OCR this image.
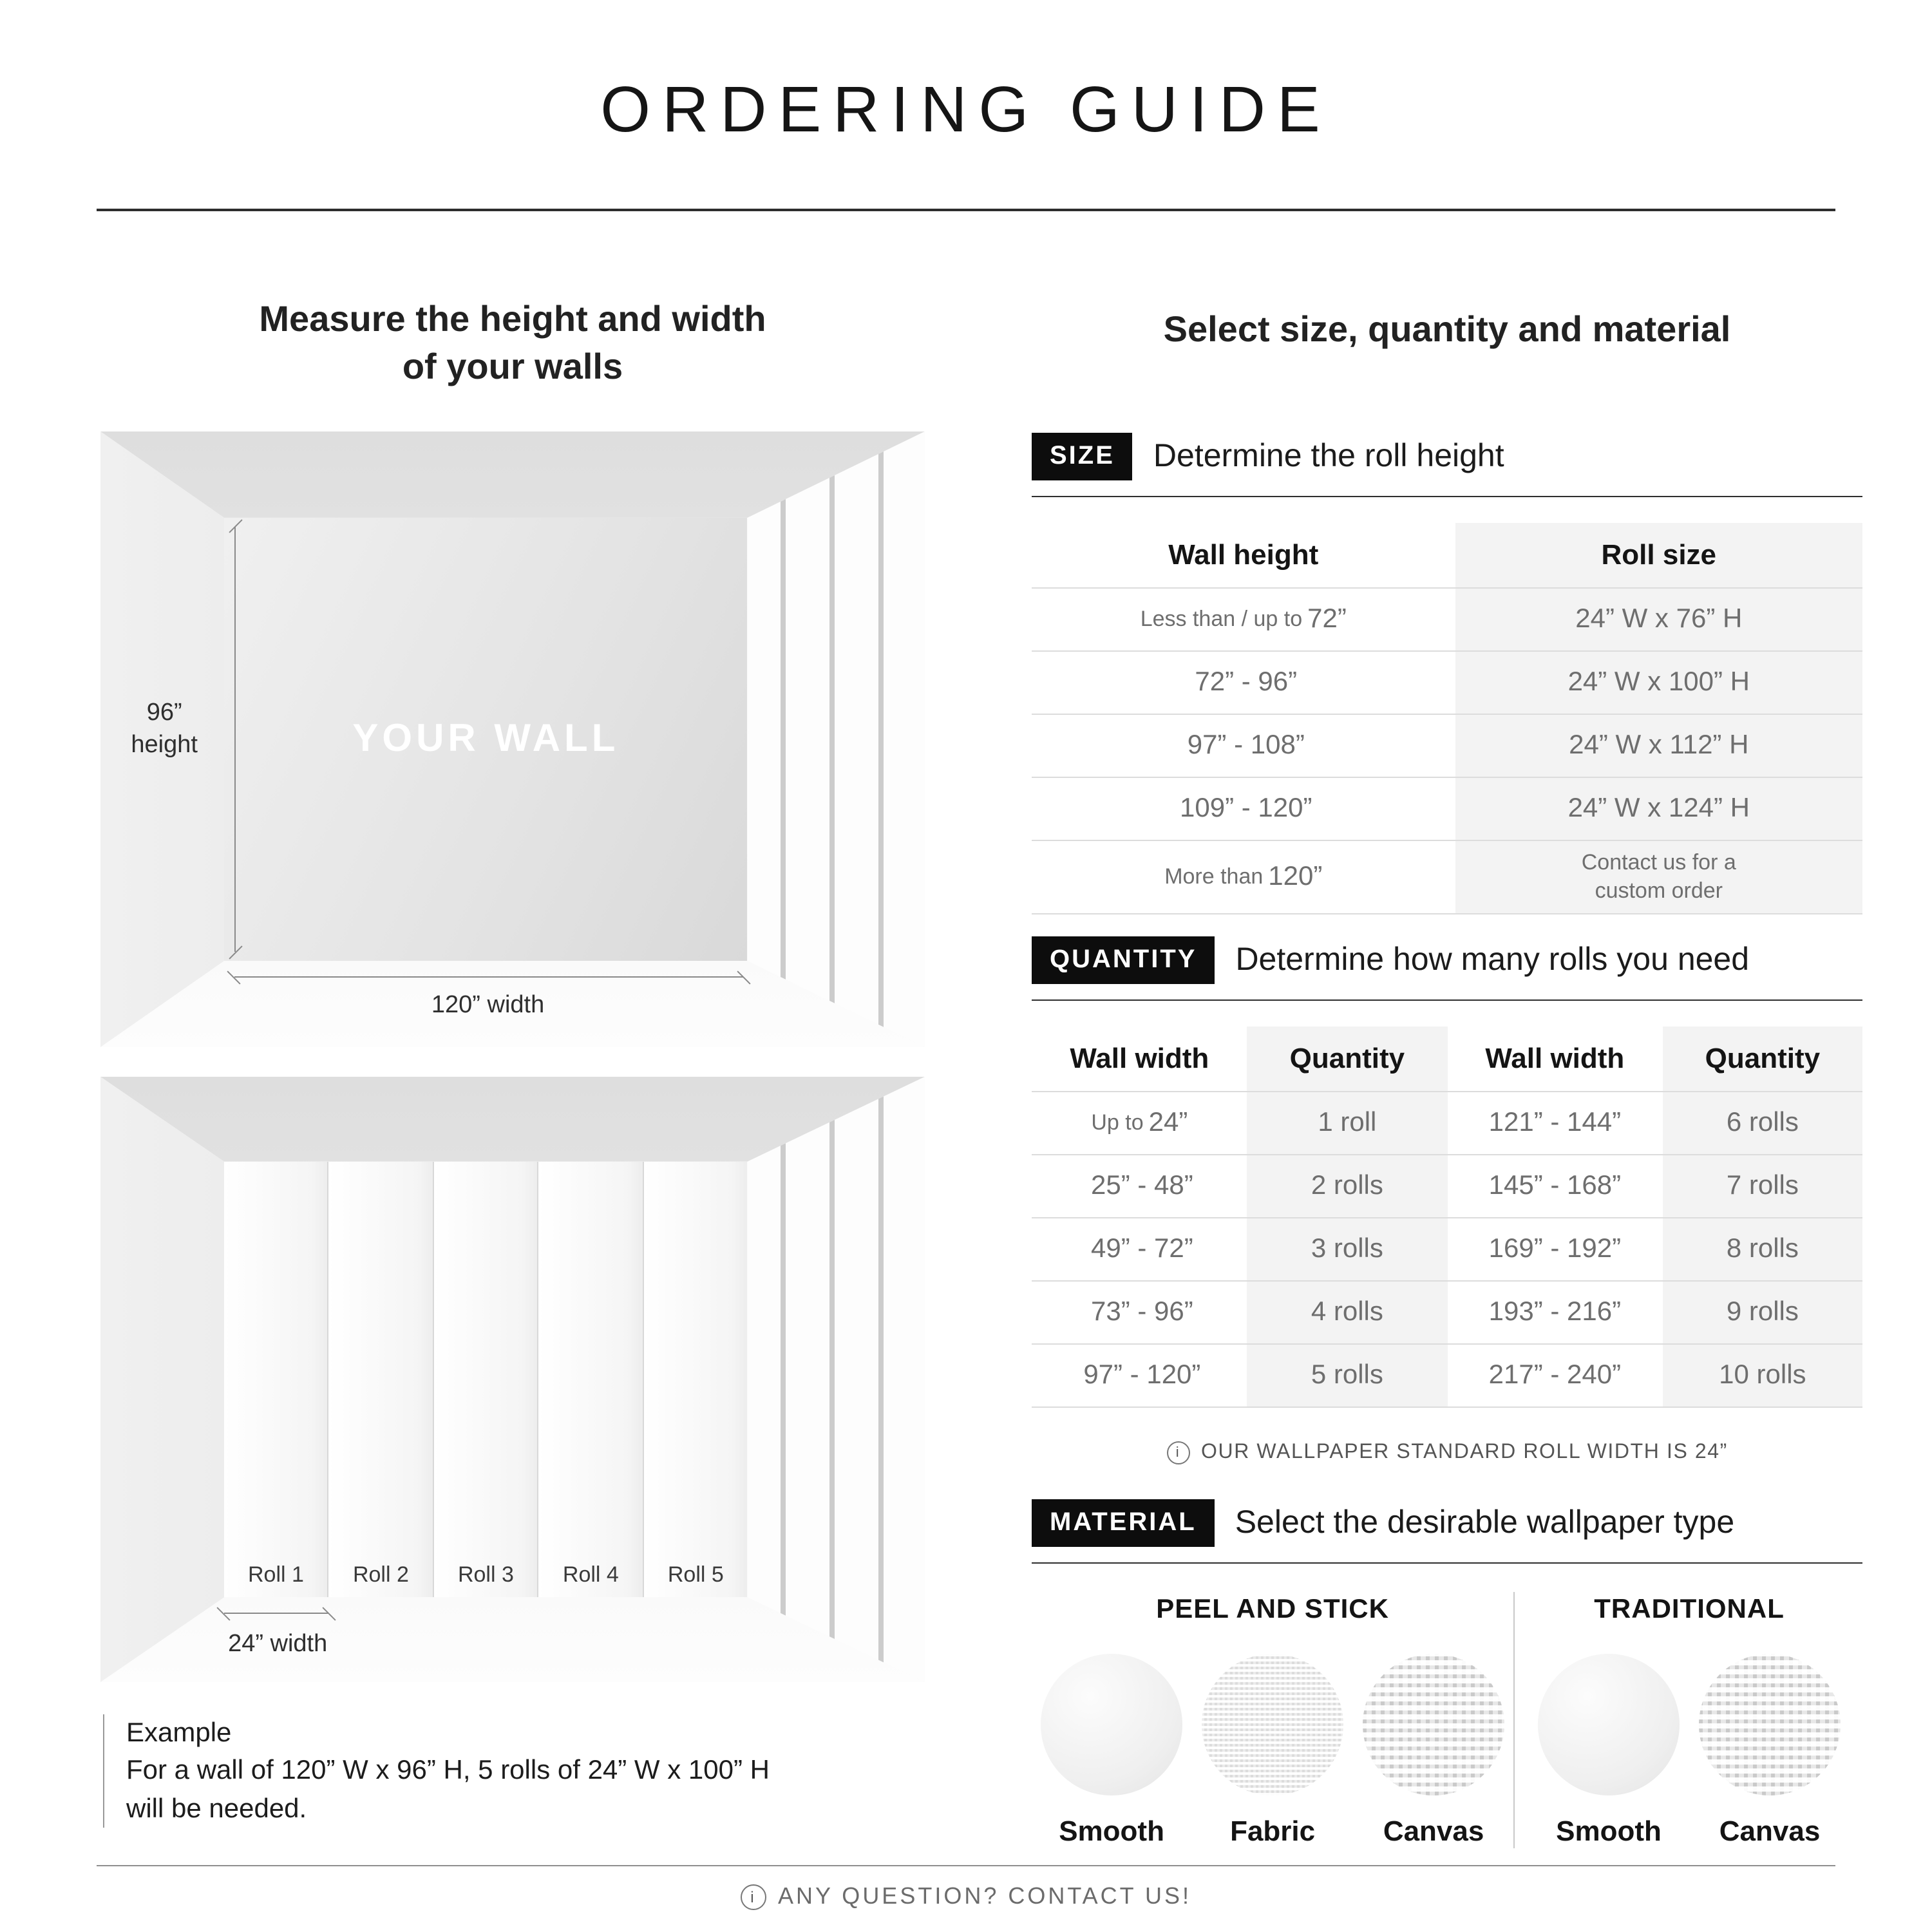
ORDERING GUIDE
Measure the height and width
of your walls
YOUR WALL
96”
height
120” width
Roll 1	Roll 2	Roll 3	Roll 4	Roll 5
24” width
Example
For a wall of 120” W x 96” H, 5 rolls of 24” W x 100” H
will be needed.
Select size, quantity and material
SIZE	Determine the roll height
Wall height	Roll size
Less than / up to 72”	24” W x 76” H
72” - 96”	24” W x 100” H
97” - 108”	24” W x 112” H
109” - 120”	24” W x 124” H
More than 120”	Contact us for a custom order
QUANTITY	Determine how many rolls you need
Wall width	Quantity	Wall width	Quantity
Up to 24”	1 roll	121” - 144”	6 rolls
25” - 48”	2 rolls	145” - 168”	7 rolls
49” - 72”	3 rolls	169” - 192”	8 rolls
73” - 96”	4 rolls	193” - 216”	9 rolls
97” - 120”	5 rolls	217” - 240”	10 rolls
i	OUR WALLPAPER STANDARD ROLL WIDTH IS 24”
MATERIAL	Select the desirable wallpaper type
PEEL AND STICK
Smooth	Fabric	Canvas
TRADITIONAL
Smooth	Canvas
i	ANY QUESTION? CONTACT US!
